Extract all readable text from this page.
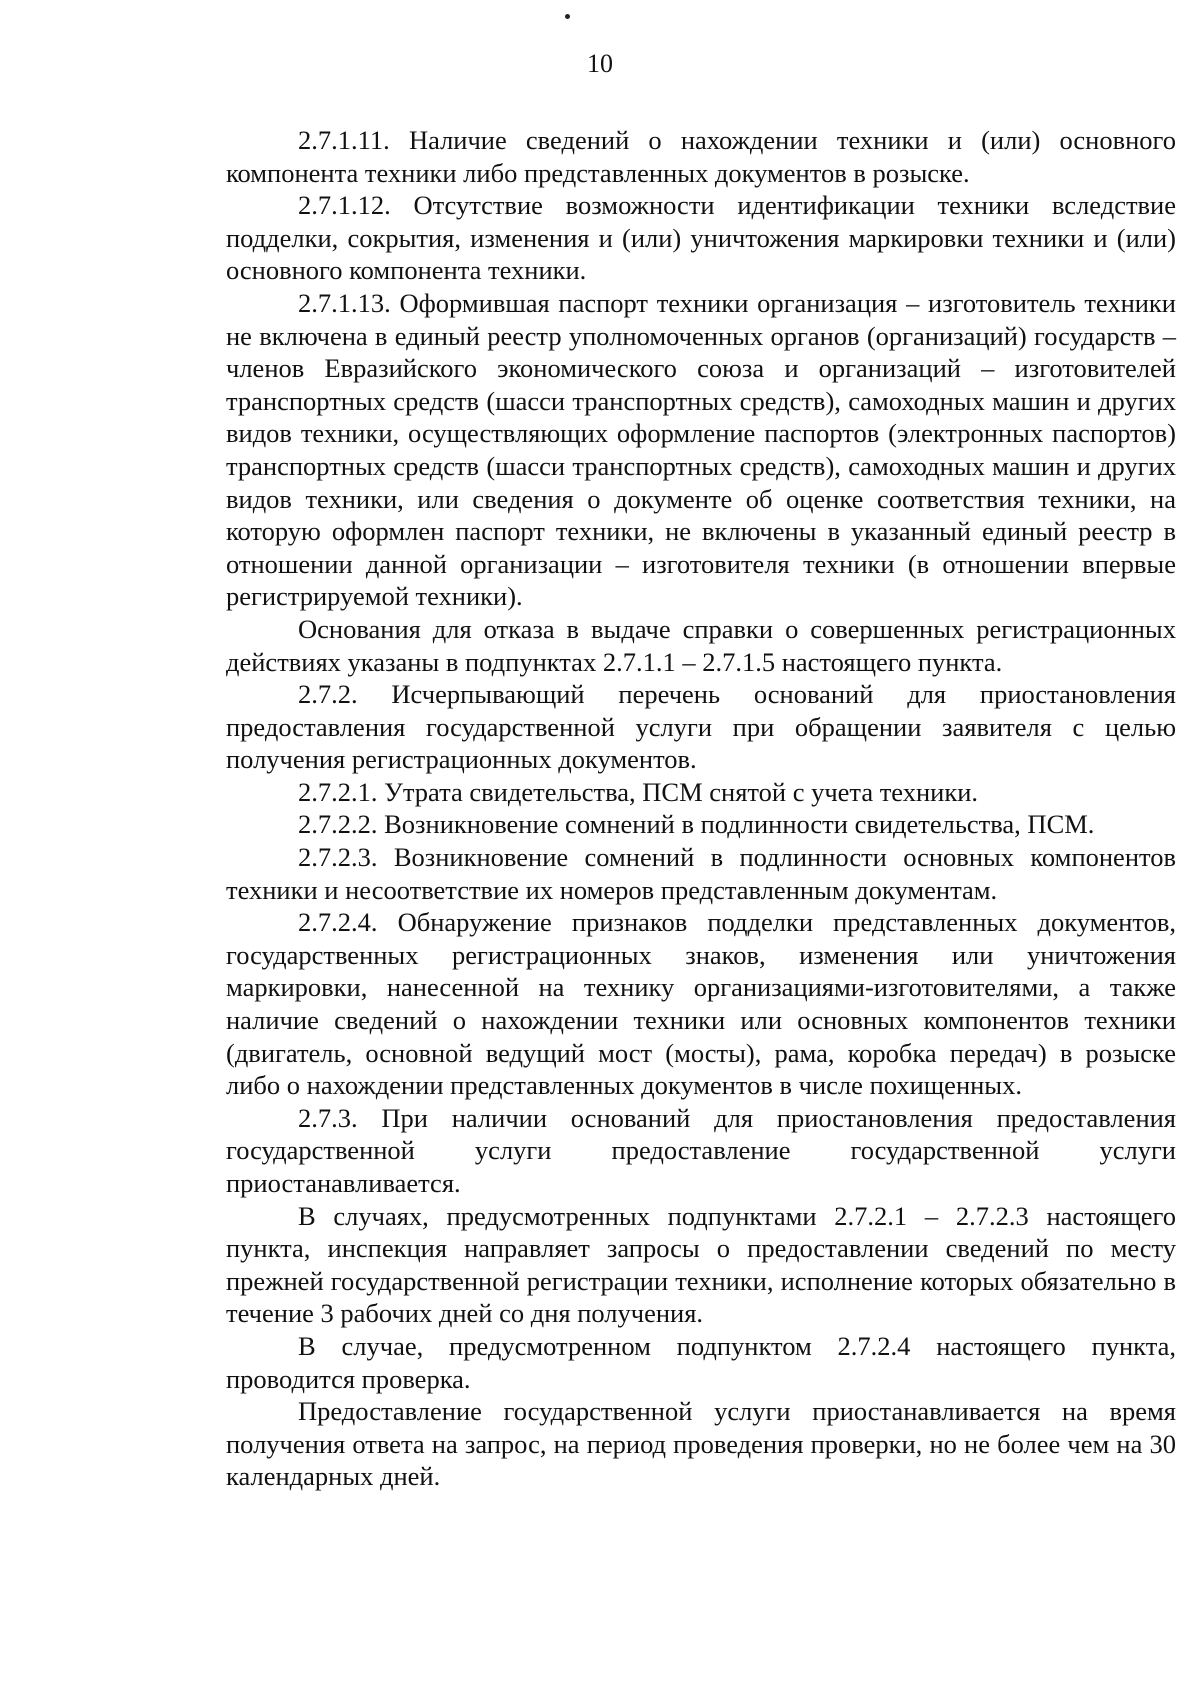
10

2.7.1.11. Наличие сведений о нахождении техники и (или) основного компонента техники либо представленных документов в розыске.

2.7.1.12. Отсутствие возможности идентификации техники вследствие подделки, сокрытия, изменения и (или) уничтожения маркировки техники и (или) основного компонента техники.

2.7.1.13. Оформившая паспорт техники организация – изготовитель техники не включена в единый реестр уполномоченных органов (организаций) государств – членов Евразийского экономического союза и организаций – изготовителей транспортных средств (шасси транспортных средств), самоходных машин и других видов техники, осуществляющих оформление паспортов (электронных паспортов) транспортных средств (шасси транспортных средств), самоходных машин и других видов техники, или сведения о документе об оценке соответствия техники, на которую оформлен паспорт техники, не включены в указанный единый реестр в отношении данной организации – изготовителя техники (в отношении впервые регистрируемой техники).

Основания для отказа в выдаче справки о совершенных регистрационных действиях указаны в подпунктах 2.7.1.1 – 2.7.1.5 настоящего пункта.

2.7.2. Исчерпывающий перечень оснований для приостановления предоставления государственной услуги при обращении заявителя с целью получения регистрационных документов.

2.7.2.1. Утрата свидетельства, ПСМ снятой с учета техники.

2.7.2.2. Возникновение сомнений в подлинности свидетельства, ПСМ.

2.7.2.3. Возникновение сомнений в подлинности основных компонентов техники и несоответствие их номеров представленным документам.

2.7.2.4. Обнаружение признаков подделки представленных документов, государственных регистрационных знаков, изменения или уничтожения маркировки, нанесенной на технику организациями-изготовителями, а также наличие сведений о нахождении техники или основных компонентов техники (двигатель, основной ведущий мост (мосты), рама, коробка передач) в розыске либо о нахождении представленных документов в числе похищенных.

2.7.3. При наличии оснований для приостановления предоставления государственной услуги предоставление государственной услуги приостанавливается.

В случаях, предусмотренных подпунктами 2.7.2.1 – 2.7.2.3 настоящего пункта, инспекция направляет запросы о предоставлении сведений по месту прежней государственной регистрации техники, исполнение которых обязательно в течение 3 рабочих дней со дня получения.

В случае, предусмотренном подпунктом 2.7.2.4 настоящего пункта, проводится проверка.

Предоставление государственной услуги приостанавливается на время получения ответа на запрос, на период проведения проверки, но не более чем на 30 календарных дней.
